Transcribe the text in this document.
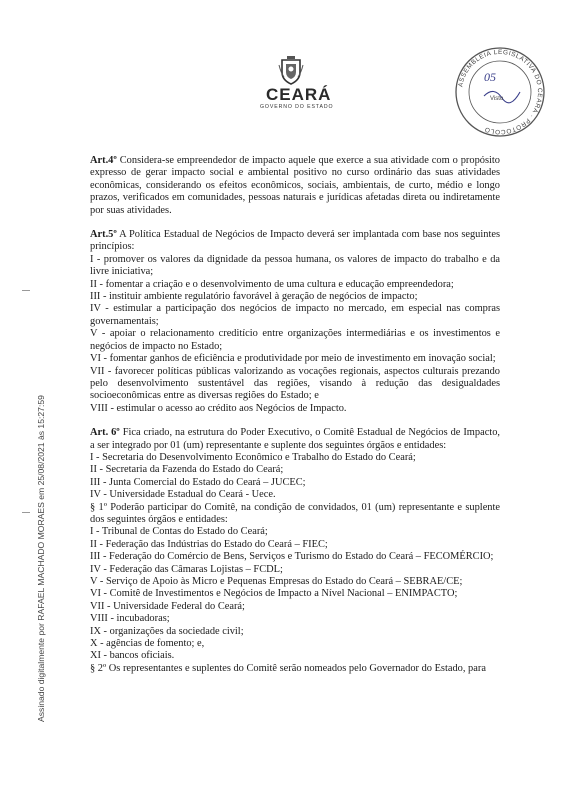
CEARÁ
GOVERNO DO ESTADO
ASSEMBLEIA LEGISLATIVA DO CEARÁ · PROTOCOLO
05
Visto

Art.4º Considera-se empreendedor de impacto aquele que exerce a sua atividade com o propósito expresso de gerar impacto social e ambiental positivo no curso ordinário das suas atividades econômicas, considerando os efeitos econômicos, sociais, ambientais, de curto, médio e longo prazos, verificados em comunidades, pessoas naturais e jurídicas afetadas direta ou indiretamente por suas atividades.

Art.5º A Política Estadual de Negócios de Impacto deverá ser implantada com base nos seguintes princípios:

I - promover os valores da dignidade da pessoa humana, os valores de impacto do trabalho e da livre iniciativa;

II - fomentar a criação e o desenvolvimento de uma cultura e educação empreendedora;

III - instituir ambiente regulatório favorável à geração de negócios de impacto;

IV - estimular a participação dos negócios de impacto no mercado, em especial nas compras governamentais;

V - apoiar o relacionamento creditício entre organizações intermediárias e os investimentos e negócios de impacto no Estado;

VI - fomentar ganhos de eficiência e produtividade por meio de investimento em inovação social;

VII - favorecer políticas públicas valorizando as vocações regionais, aspectos culturais prezando pelo desenvolvimento sustentável das regiões, visando à redução das desigualdades socioeconômicas entre as diversas regiões do Estado; e

VIII - estimular o acesso ao crédito aos Negócios de Impacto.

Art. 6º Fica criado, na estrutura do Poder Executivo, o Comitê Estadual de Negócios de Impacto, a ser integrado por 01 (um) representante e suplente dos seguintes órgãos e entidades:

I - Secretaria do Desenvolvimento Econômico e Trabalho do Estado do Ceará;

II - Secretaria da Fazenda do Estado do Ceará;

III - Junta Comercial do Estado do Ceará – JUCEC;

IV - Universidade Estadual do Ceará - Uece.

§ 1º Poderão participar do Comitê, na condição de convidados, 01 (um) representante e suplente dos seguintes órgãos e entidades:

I - Tribunal de Contas do Estado do Ceará;

II - Federação das Indústrias do Estado do Ceará – FIEC;

III - Federação do Comércio de Bens, Serviços e Turismo do Estado do Ceará – FECOMÉRCIO;

IV - Federação das Câmaras Lojistas – FCDL;

V - Serviço de Apoio às Micro e Pequenas Empresas do Estado do Ceará – SEBRAE/CE;

VI - Comitê de Investimentos e Negócios de Impacto a Nível Nacional – ENIMPACTO;

VII - Universidade Federal do Ceará;

VIII - incubadoras;

IX - organizações da sociedade civil;

X - agências de fomento; e,

XI - bancos oficiais.

§ 2º Os representantes e suplentes do Comitê serão nomeados pelo Governador do Estado, para

Assinado digitalmente por RAFAEL MACHADO MORAES em 25/08/2021 às 15:27:59
